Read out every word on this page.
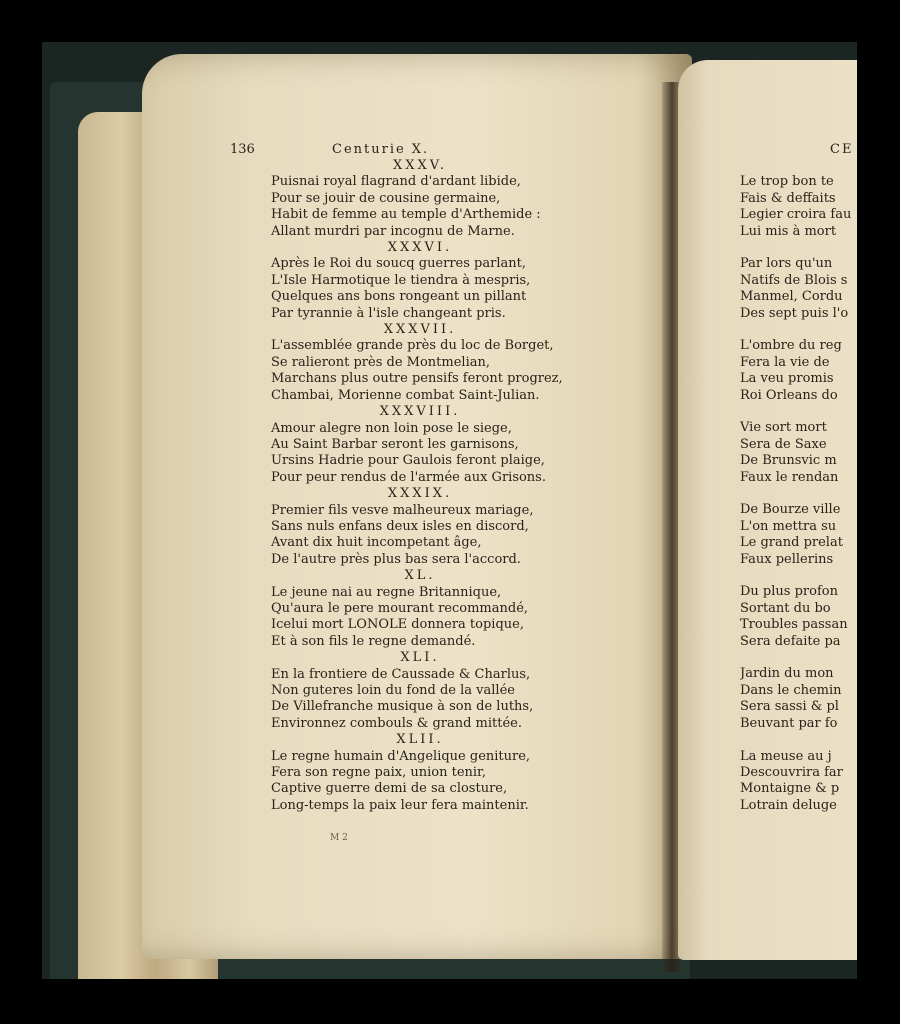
136	Centurie X.
XXXV.
Puisnai royal flagrand d'ardant libide,
Pour se jouir de cousine germaine,
Habit de femme au temple d'Arthemide :
Allant murdri par incognu de Marne.
XXXVI.
Après le Roi du soucq guerres parlant,
L'Isle Harmotique le tiendra à mespris,
Quelques ans bons rongeant un pillant
Par tyrannie à l'isle changeant pris.
XXXVII.
L'assemblée grande près du loc de Borget,
Se ralieront près de Montmelian,
Marchans plus outre pensifs feront progrez,
Chambai, Morienne combat Saint-Julian.
XXXVIII.
Amour alegre non loin pose le siege,
Au Saint Barbar seront les garnisons,
Ursins Hadrie pour Gaulois feront plaige,
Pour peur rendus de l'armée aux Grisons.
XXXIX.
Premier fils vesve malheureux mariage,
Sans nuls enfans deux isles en discord,
Avant dix huit incompetant âge,
De l'autre près plus bas sera l'accord.
XL.
Le jeune nai au regne Britannique,
Qu'aura le pere mourant recommandé,
Icelui mort LONOLE donnera topique,
Et à son fils le regne demandé.
XLI.
En la frontiere de Caussade & Charlus,
Non guteres loin du fond de la vallée
De Villefranche musique à son de luths,
Environnez combouls & grand mittée.
XLII.
Le regne humain d'Angelique geniture,
Fera son regne paix, union tenir,
Captive guerre demi de sa closture,
Long-temps la paix leur fera maintenir.
M 2
CE
Le trop bon te
Fais & deffaits
Legier croira fau
Lui mis à mort
Par lors qu'un
Natifs de Blois s
Manmel, Cordu
Des sept puis l'o
L'ombre du reg
Fera la vie de
La veu promis
Roi Orleans do
Vie sort mort
Sera de Saxe
De Brunsvic m
Faux le rendan
De Bourze ville
L'on mettra su
Le grand prelat
Faux pellerins
Du plus profon
Sortant du bo
Troubles passan
Sera defaite pa
Jardin du mon
Dans le chemin
Sera sassi & pl
Beuvant par fo
La meuse au j
Descouvrira far
Montaigne & p
Lotrain deluge
